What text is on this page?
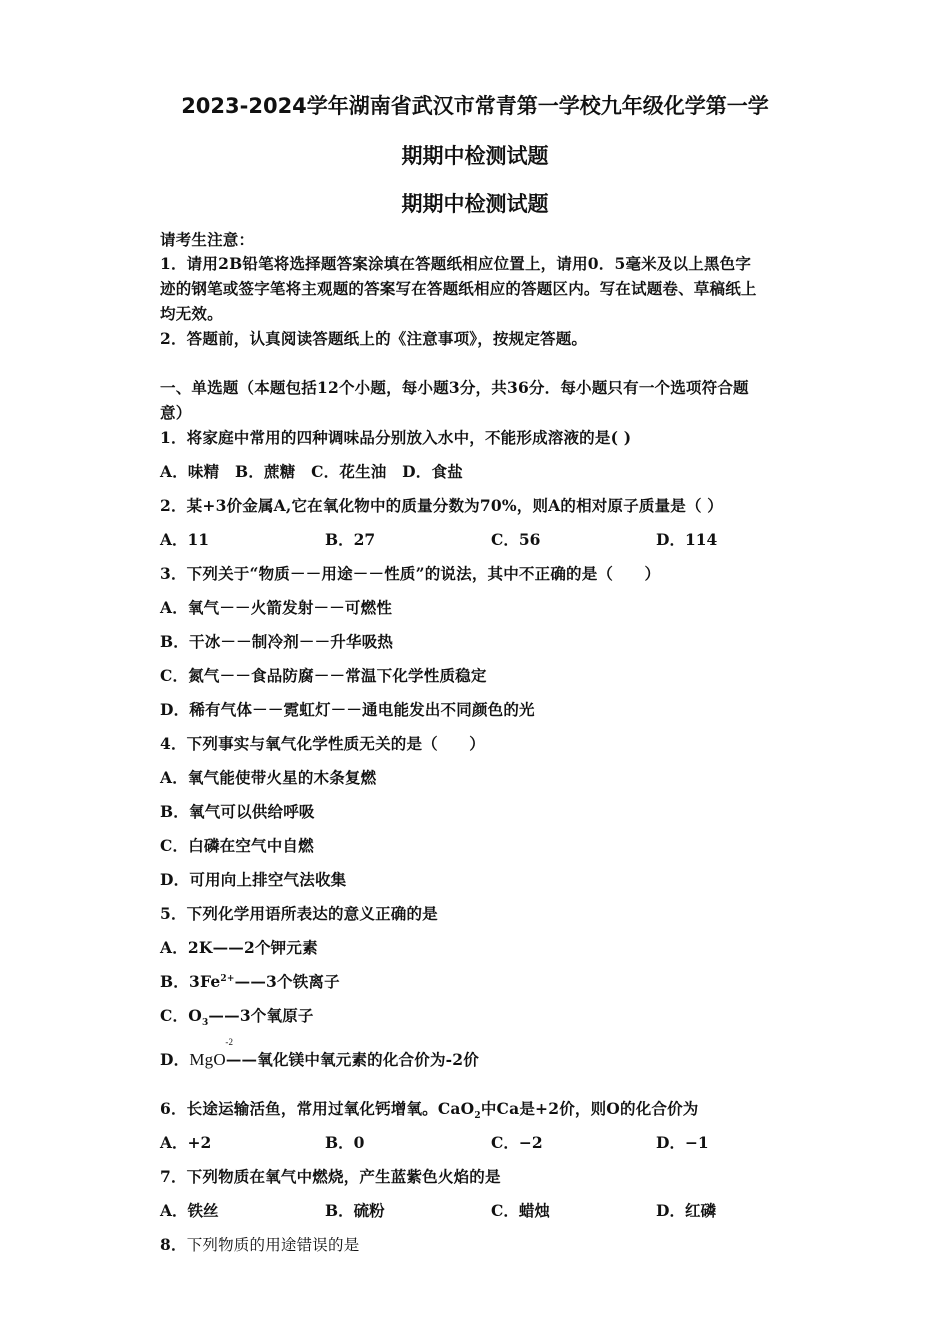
2023-2024学年湖南省武汉市常青第一学校九年级化学第一学
期期中检测试题
期期中检测试题
请考生注意：
1．请用2B铅笔将选择题答案涂填在答题纸相应位置上，请用0．5毫米及以上黑色字
迹的钢笔或签字笔将主观题的答案写在答题纸相应的答题区内。写在试题卷、草稿纸上
均无效。
2．答题前，认真阅读答题纸上的《注意事项》，按规定答题。
一、单选题（本题包括12个小题，每小题3分，共36分．每小题只有一个选项符合题
意）
1．将家庭中常用的四种调味品分别放入水中，不能形成溶液的是( )
A．味精　B．蔗糖　C．花生油　D．食盐
2．某+3价金属A,它在氧化物中的质量分数为70%，则A的相对原子质量是（ ）
A．11	B．27	C．56	D．114
3．下列关于“物质－－用途－－性质”的说法，其中不正确的是（　　）
A．氧气－－火箭发射－－可燃性
B．干冰－－制冷剂－－升华吸热
C．氮气－－食品防腐－－常温下化学性质稳定
D．稀有气体－－霓虹灯－－通电能发出不同颜色的光
4．下列事实与氧气化学性质无关的是（　　）
A．氧气能使带火星的木条复燃
B．氧气可以供给呼吸
C．白磷在空气中自燃
D．可用向上排空气法收集
5．下列化学用语所表达的意义正确的是
A．2K——2个钾元素
B．$3Fe^{2+}——3$个铁离子
C．$O_3——3$个氧原子
D．
-2
MgO——氧化镁中氧元素的化合价为-2价
6．长途运输活鱼，常用过氧化钙增氧。CaO$_2$中Ca是+2价，则O的化合价为
A．+2	B．0	C．−2	D．−1
7．下列物质在氧气中燃烧，产生蓝紫色火焰的是
A．铁丝	B．硫粉	C．蜡烛	D．红磷
8．下列物质的用途错误的是
